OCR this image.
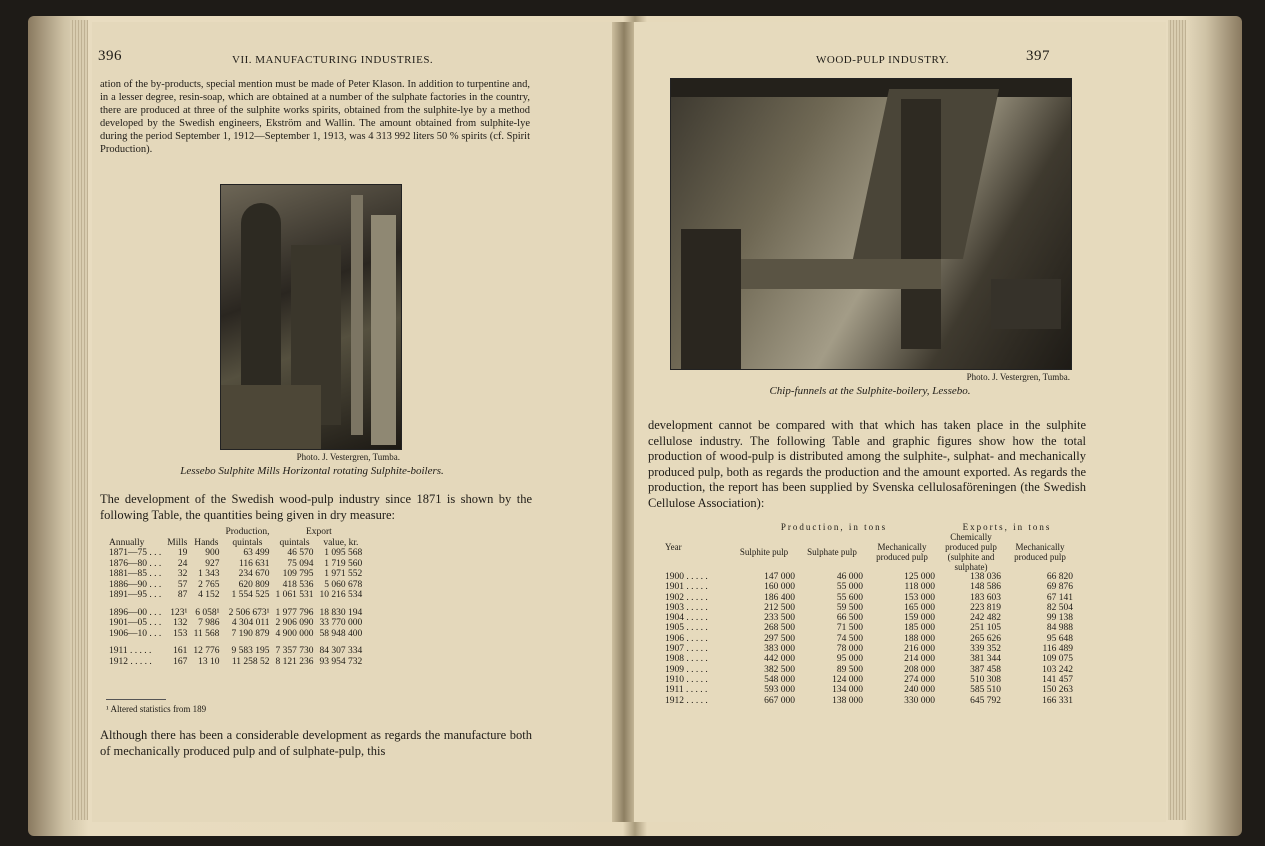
396	VII. MANUFACTURING INDUSTRIES.
ation of the by-products, special mention must be made of Peter Klason. In addition to turpentine and, in a lesser degree, resin-soap, which are obtained at a number of the sulphate factories in the country, there are produced at three of the sulphite works spirits, obtained from the sulphite-lye by a method developed by the Swedish engineers, Ekström and Wallin. The amount obtained from sulphite-lye during the period September 1, 1912—September 1, 1913, was 4 313 992 liters 50 % spirits (cf. Spirit Production).
Photo. J. Vestergren, Tumba.
Lessebo Sulphite Mills Horizontal rotating Sulphite-boilers.
The development of the Swedish wood-pulp industry since 1871 is shown by the following Table, the quantities being given in dry measure:
Annually	Mills	Hands	Production,	Export	
			quintals	quintals	value, kr.
1871—75 . . .	19	900	63 499	46 570	1 095 568
1876—80 . . .	24	927	116 631	75 094	1 719 560
1881—85 . . .	32	1 343	234 670	109 795	1 971 552
1886—90 . . .	57	2 765	620 809	418 536	5 060 678
1891—95 . . .	87	4 152	1 554 525	1 061 531	10 216 534

1896—00 . . .	123¹	6 058¹	2 506 673¹	1 977 796	18 830 194
1901—05 . . .	132	7 986	4 304 011	2 906 090	33 770 000
1906—10 . . .	153	11 568	7 190 879	4 900 000	58 948 400

1911 . . . . .	161	12 776	9 583 195	7 357 730	84 307 334
1912 . . . . .	167	13 10	11 258 52	8 121 236	93 954 732
¹ Altered statistics from 189
Although there has been a considerable development as regards the manufacture both of mechanically produced pulp and of sulphate-pulp, this
WOOD-PULP INDUSTRY.	397
Photo. J. Vestergren, Tumba.
Chip-funnels at the Sulphite-boilery, Lessebo.
development cannot be compared with that which has taken place in the sulphite cellulose industry. The following Table and graphic figures show how the total production of wood-pulp is distributed among the sulphite-, sulphat- and mechanically produced pulp, both as regards the production and the amount exported. As regards the production, the report has been supplied by Svenska cellulosaföreningen (the Swedish Cellulose Association):
Year	Production, in tons			Exports, in tons	
	Sulphite pulp	Sulphate pulp	Mechanically produced pulp	Chemically produced pulp (sulphite and sulphate)	Mechanically produced pulp
1900 . . . . .	147 000	46 000	125 000	138 036	66 820
1901 . . . . .	160 000	55 000	118 000	148 586	69 876
1902 . . . . .	186 400	55 600	153 000	183 603	67 141
1903 . . . . .	212 500	59 500	165 000	223 819	82 504
1904 . . . . .	233 500	66 500	159 000	242 482	99 138
1905 . . . . .	268 500	71 500	185 000	251 105	84 988
1906 . . . . .	297 500	74 500	188 000	265 626	95 648
1907 . . . . .	383 000	78 000	216 000	339 352	116 489
1908 . . . . .	442 000	95 000	214 000	381 344	109 075
1909 . . . . .	382 500	89 500	208 000	387 458	103 242
1910 . . . . .	548 000	124 000	274 000	510 308	141 457
1911 . . . . .	593 000	134 000	240 000	585 510	150 263
1912 . . . . .	667 000	138 000	330 000	645 792	166 331
